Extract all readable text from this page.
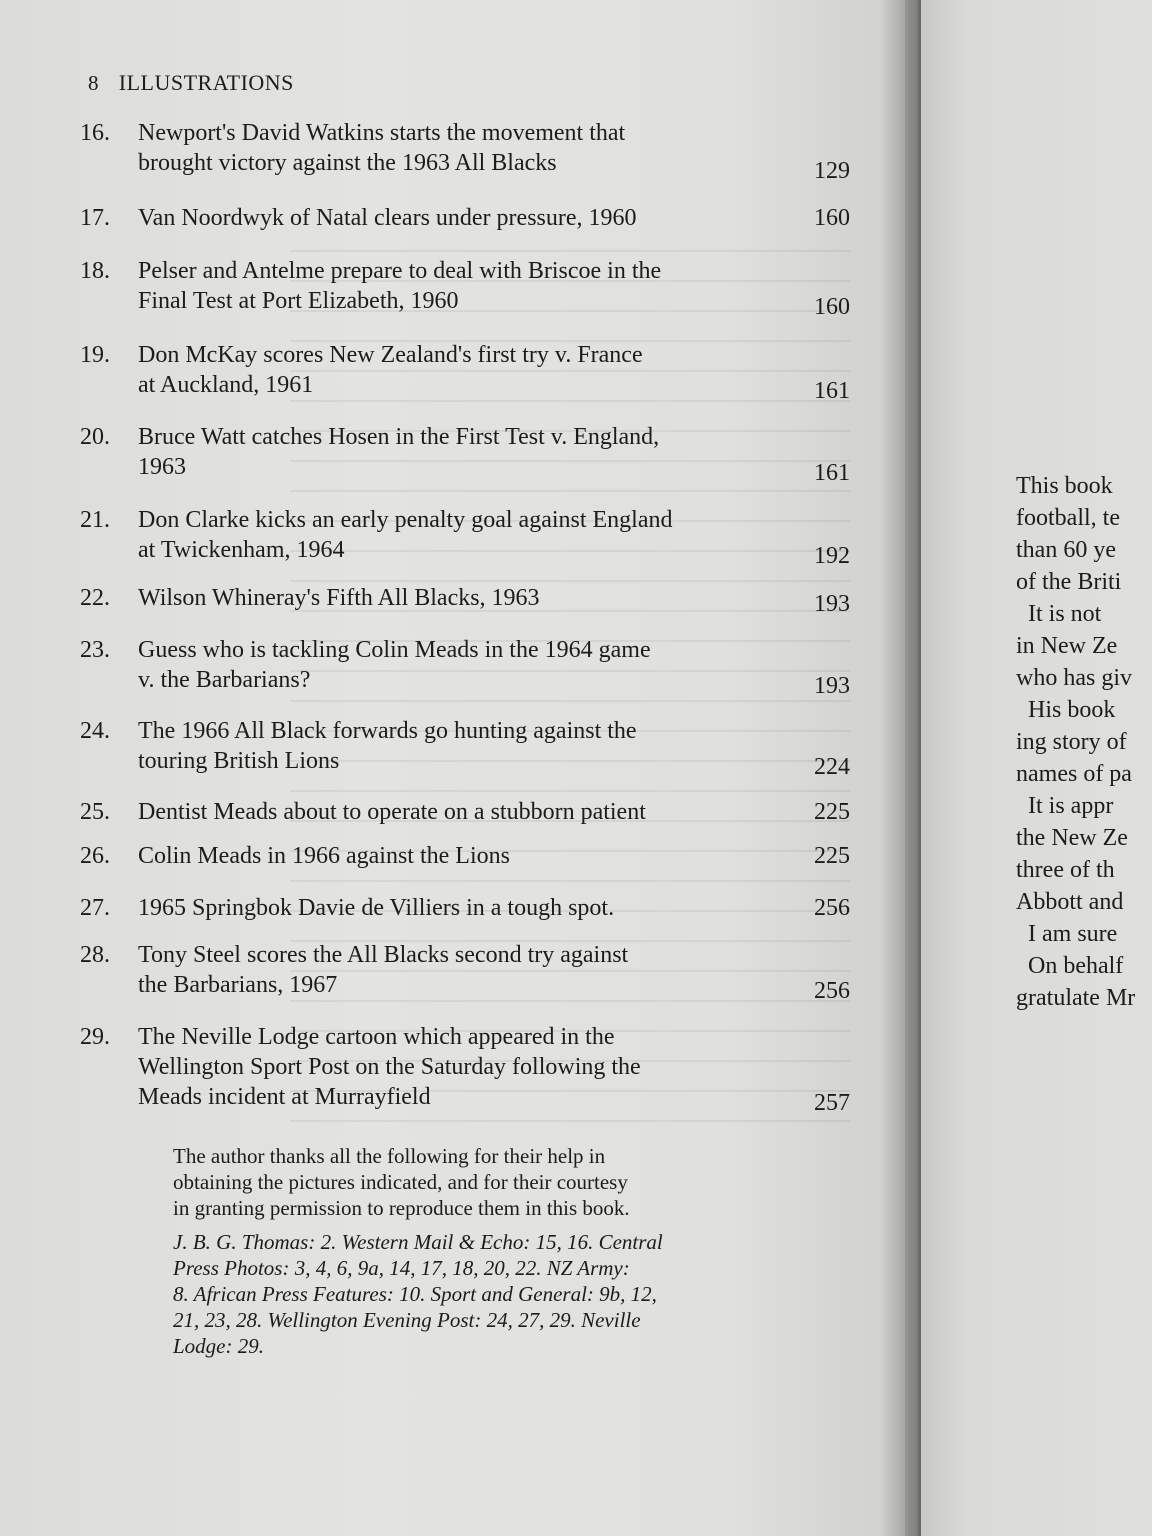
8 ILLUSTRATIONS
16.	Newport's David Watkins starts the movement that
brought victory against the 1963 All Blacks	129
17.	Van Noordwyk of Natal clears under pressure, 1960	160
18.	Pelser and Antelme prepare to deal with Briscoe in the
Final Test at Port Elizabeth, 1960	160
19.	Don McKay scores New Zealand's first try v. France
at Auckland, 1961	161
20.	Bruce Watt catches Hosen in the First Test v. England,
1963	161
21.	Don Clarke kicks an early penalty goal against England
at Twickenham, 1964	192
22.	Wilson Whineray's Fifth All Blacks, 1963	193
23.	Guess who is tackling Colin Meads in the 1964 game
v. the Barbarians?	193
24.	The 1966 All Black forwards go hunting against the
touring British Lions	224
25.	Dentist Meads about to operate on a stubborn patient	225
26.	Colin Meads in 1966 against the Lions	225
27.	1965 Springbok Davie de Villiers in a tough spot.	256
28.	Tony Steel scores the All Blacks second try against
the Barbarians, 1967	256
29.	The Neville Lodge cartoon which appeared in the
Wellington Sport Post on the Saturday following the
Meads incident at Murrayfield	257
The author thanks all the following for their help in
obtaining the pictures indicated, and for their courtesy
in granting permission to reproduce them in this book.
J. B. G. Thomas: 2. Western Mail & Echo: 15, 16. Central
Press Photos: 3, 4, 6, 9a, 14, 17, 18, 20, 22. NZ Army:
8. African Press Features: 10. Sport and General: 9b, 12,
21, 23, 28. Wellington Evening Post: 24, 27, 29. Neville
Lodge: 29.
This book
football, te
than 60 ye
of the Briti
It is not
in New Ze
who has giv
His book
ing story of
names of pa
It is appr
the New Ze
three of th
Abbott and
I am sure
On behalf
gratulate Mr
